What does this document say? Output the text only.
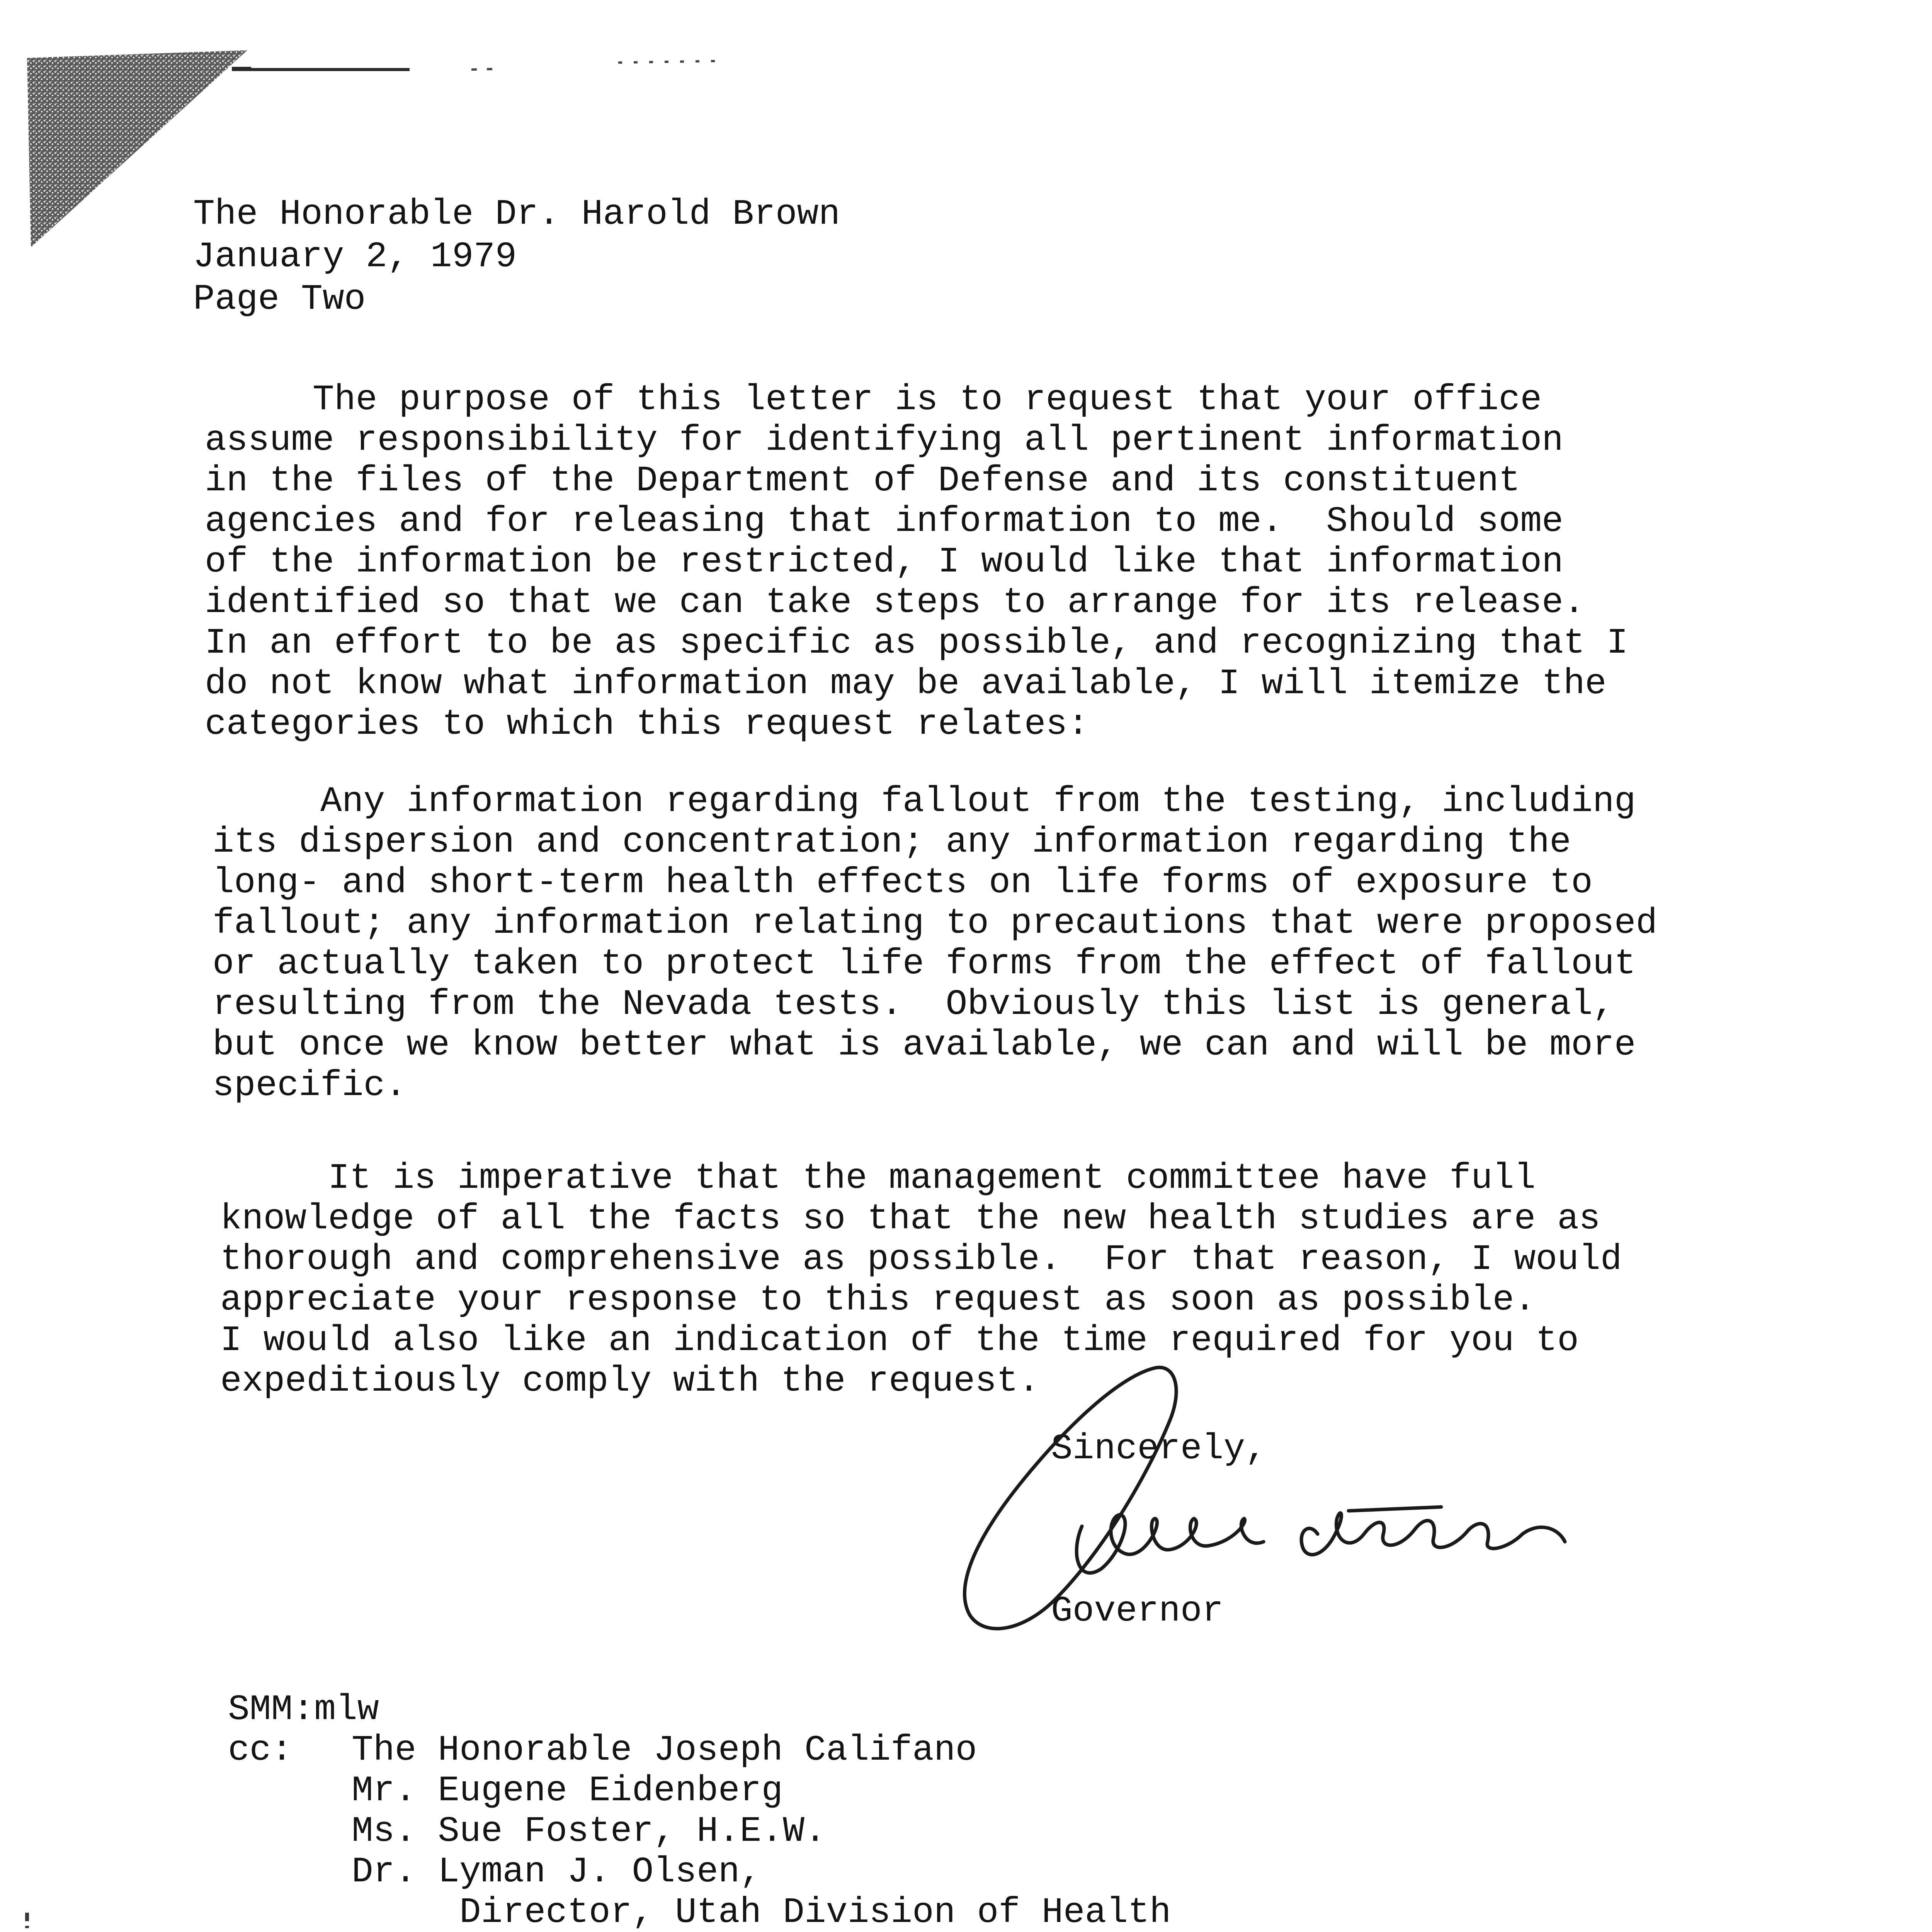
The Honorable Dr. Harold Brown
January 2, 1979
Page Two
The purpose of this letter is to request that your office
assume responsibility for identifying all pertinent information
in the files of the Department of Defense and its constituent
agencies and for releasing that information to me.  Should some
of the information be restricted, I would like that information
identified so that we can take steps to arrange for its release.
In an effort to be as specific as possible, and recognizing that I
do not know what information may be available, I will itemize the
categories to which this request relates:
Any information regarding fallout from the testing, including
its dispersion and concentration; any information regarding the
long- and short-term health effects on life forms of exposure to
fallout; any information relating to precautions that were proposed
or actually taken to protect life forms from the effect of fallout
resulting from the Nevada tests.  Obviously this list is general,
but once we know better what is available, we can and will be more
specific.
It is imperative that the management committee have full
knowledge of all the facts so that the new health studies are as
thorough and comprehensive as possible.  For that reason, I would
appreciate your response to this request as soon as possible.
I would also like an indication of the time required for you to
expeditiously comply with the request.
Sincerely,
Governor
SMM:mlw
cc: The Honorable Joseph Califano
Mr. Eugene Eidenberg
Ms. Sue Foster, H.E.W.
Dr. Lyman J. Olsen,
Director, Utah Division of Health
